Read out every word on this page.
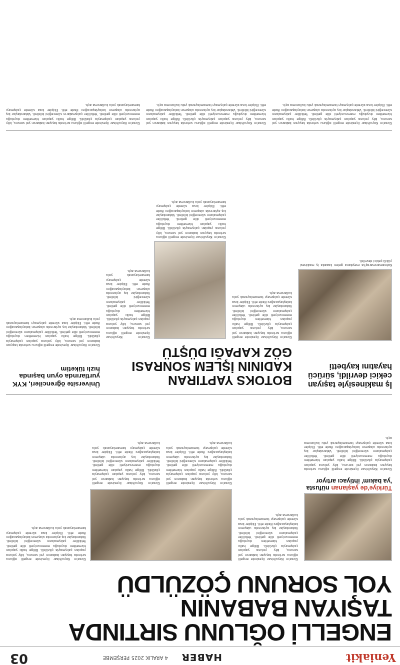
Yeniakit
HABER
4 ARALIK 2025 PERŞEMBE
03
ENGELLİ OĞLUNU SIRTINDA
TAŞIYAN BABANIN
YOL SORUNU ÇÖZÜLDÜ
Türkiye'de yaşlanan nüfusta 'ya bakım' ihtiyacı artıyor

Sivas'ın Koyulhisar ilçesinde engelli oğlunu sırtında taşıyan babanın yol sorunu, köy yoluna yapılan çalışmayla çözüldü. Bölge halkı yapılan hizmetten duyduğu memnuniyeti dile getirdi. Yetkililer çalışmaların süreceğini bildirdi. Vatandaşlar kış aylarında ulaşımın kolaylaşacağını ifade etti. Ekipler kısa sürede çalışmayı tamamlayarak yolu kullanıma açtı.

Sivas'ın Koyulhisar ilçesinde engelli oğlunu sırtında taşıyan babanın yol sorunu, köy yoluna yapılan çalışmayla çözüldü. Bölge halkı yapılan hizmetten duyduğu memnuniyeti dile getirdi. Yetkililer çalışmaların süreceğini bildirdi. Vatandaşlar kış aylarında ulaşımın kolaylaşacağını ifade etti. Ekipler kısa sürede çalışmayı tamamlayarak yolu kullanıma açtı.

Sivas'ın Koyulhisar ilçesinde engelli oğlunu sırtında taşıyan babanın yol sorunu, köy yoluna yapılan çalışmayla çözüldü. Bölge halkı yapılan hizmetten duyduğu memnuniyeti dile getirdi. Yetkililer çalışmaların süreceğini bildirdi. Vatandaşlar kış aylarında ulaşımın kolaylaşacağını ifade etti. Ekipler kısa sürede çalışmayı tamamlayarak yolu kullanıma açtı.

Sivas'ın Koyulhisar ilçesinde engelli oğlunu sırtında taşıyan babanın yol sorunu, köy yoluna yapılan çalışmayla çözüldü. Bölge halkı yapılan hizmetten duyduğu memnuniyeti dile getirdi. Yetkililer çalışmaların süreceğini bildirdi. Vatandaşlar kış aylarında ulaşımın kolaylaşacağını ifade etti. Ekipler kısa sürede çalışmayı tamamlayarak yolu kullanıma açtı.

Sivas'ın Koyulhisar ilçesinde engelli oğlunu sırtında taşıyan babanın yol sorunu, köy yoluna yapılan çalışmayla çözüldü. Bölge halkı yapılan hizmetten duyduğu memnuniyeti dile getirdi. Yetkililer çalışmaların süreceğini bildirdi. Vatandaşlar kış aylarında ulaşımın kolaylaşacağını ifade etti. Ekipler kısa sürede çalışmayı tamamlayarak yolu kullanıma açtı.

İş makinesiyle taşıyan cekici devrildi, sürücü hayatını kaybetti

Kahramanmaraş'ta meydana gelen kazada iş makinesi yüklü çekici devrildi.

BOTOKS YAPTIRAN
KADININ İŞLEM SONRASI
GÖZ KAPAĞI DÜŞTÜ

Sivas'ın Koyulhisar ilçesinde engelli oğlunu sırtında taşıyan babanın yol sorunu, köy yoluna yapılan çalışmayla çözüldü. Bölge halkı yapılan hizmetten duyduğu memnuniyeti dile getirdi. Yetkililer çalışmaların süreceğini bildirdi. Vatandaşlar kış aylarında ulaşımın kolaylaşacağını ifade etti. Ekipler kısa sürede çalışmayı tamamlayarak yolu kullanıma açtı.

Sivas'ın Koyulhisar ilçesinde engelli oğlunu sırtında taşıyan babanın yol sorunu, köy yoluna yapılan çalışmayla çözüldü. Bölge halkı yapılan hizmetten duyduğu memnuniyeti dile getirdi. Yetkililer çalışmaların süreceğini bildirdi. Vatandaşlar kış aylarında ulaşımın kolaylaşacağını ifade etti. Ekipler kısa sürede çalışmayı tamamlayarak yolu kullanıma açtı.

Sivas'ın Koyulhisar ilçesinde engelli oğlunu sırtında taşıyan babanın yol sorunu, köy yoluna yapılan çalışmayla çözüldü. Bölge halkı yapılan hizmetten duyduğu memnuniyeti dile getirdi. Yetkililer çalışmaların süreceğini bildirdi. Vatandaşlar kış aylarında ulaşımın kolaylaşacağını ifade etti. Ekipler kısa sürede çalışmayı tamamlayarak yolu kullanıma açtı.

Üniversite öğrencileri, KYK yurtlarında oyun başında hızlı tüketim

Sivas'ın Koyulhisar ilçesinde engelli oğlunu sırtında taşıyan babanın yol sorunu, köy yoluna yapılan çalışmayla çözüldü. Bölge halkı yapılan hizmetten duyduğu memnuniyeti dile getirdi. Yetkililer çalışmaların süreceğini bildirdi. Vatandaşlar kış aylarında ulaşımın kolaylaşacağını ifade etti. Ekipler kısa sürede çalışmayı tamamlayarak yolu kullanıma açtı.

Sivas'ın Koyulhisar ilçesinde engelli oğlunu sırtında taşıyan babanın yol sorunu, köy yoluna yapılan çalışmayla çözüldü. Bölge halkı yapılan hizmetten duyduğu memnuniyeti dile getirdi. Yetkililer çalışmaların süreceğini bildirdi. Vatandaşlar kış aylarında ulaşımın kolaylaşacağını ifade etti. Ekipler kısa sürede çalışmayı tamamlayarak yolu kullanıma açtı.

Sivas'ın Koyulhisar ilçesinde engelli oğlunu sırtında taşıyan babanın yol sorunu, köy yoluna yapılan çalışmayla çözüldü. Bölge halkı yapılan hizmetten duyduğu memnuniyeti dile getirdi. Yetkililer çalışmaların süreceğini bildirdi. Vatandaşlar kış aylarında ulaşımın kolaylaşacağını ifade etti. Ekipler kısa sürede çalışmayı tamamlayarak yolu kullanıma açtı.

Sivas'ın Koyulhisar ilçesinde engelli oğlunu sırtında taşıyan babanın yol sorunu, köy yoluna yapılan çalışmayla çözüldü. Bölge halkı yapılan hizmetten duyduğu memnuniyeti dile getirdi. Yetkililer çalışmaların süreceğini bildirdi. Vatandaşlar kış aylarında ulaşımın kolaylaşacağını ifade etti. Ekipler kısa sürede çalışmayı tamamlayarak yolu kullanıma açtı.
